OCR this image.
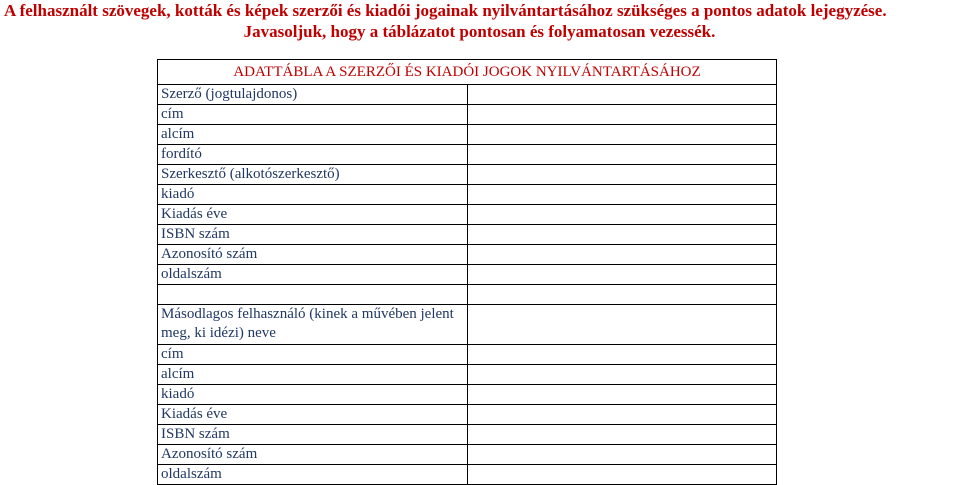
A felhasznált szövegek, kották és képek szerzői és kiadói jogainak nyilvántartásához szükséges a pontos adatok lejegyzése.
Javasoljuk, hogy a táblázatot pontosan és folyamatosan vezessék.
ADATTÁBLA A SZERZŐI ÉS KIADÓI JOGOK NYILVÁNTARTÁSÁHOZ	
Szerző (jogtulajdonos)	
cím	
alcím	
fordító	
Szerkesztő (alkotószerkesztő)	
kiadó	
Kiadás éve	
ISBN szám	
Azonosító szám	
oldalszám	

Másodlagos felhasználó (kinek a művében jelent meg, ki idézi) neve	
cím	
alcím	
kiadó	
Kiadás éve	
ISBN szám	
Azonosító szám	
oldalszám	
